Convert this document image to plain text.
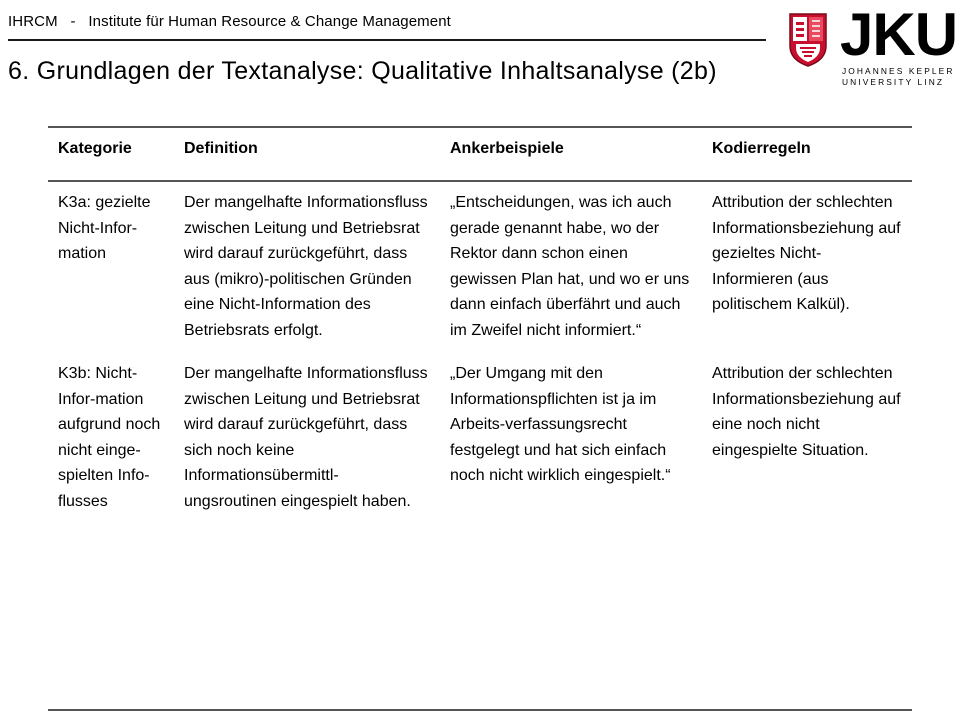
IHRCM - Institute für Human Resource & Change Management
6. Grundlagen der Textanalyse: Qualitative Inhaltsanalyse (2b)
JKU
JOHANNES KEPLER
UNIVERSITY LINZ
Kategorie	Definition	Ankerbeispiele	Kodierregeln
K3a: gezielte Nicht-Infor-mation	Der mangelhafte Informationsfluss zwischen Leitung und Betriebsrat wird darauf zurückgeführt, dass aus (mikro)-politischen Gründen eine Nicht-Information des Betriebsrats erfolgt.	„Entscheidungen, was ich auch gerade genannt habe, wo der Rektor dann schon einen gewissen Plan hat, und wo er uns dann einfach überfährt und auch im Zweifel nicht informiert.“	Attribution der schlechten Informationsbeziehung auf gezieltes Nicht-Informieren (aus politischem Kalkül).
K3b: Nicht-Infor-mation aufgrund noch nicht einge-spielten Info-flusses	Der mangelhafte Informationsfluss zwischen Leitung und Betriebsrat wird darauf zurückgeführt, dass sich noch keine Informationsübermittl-ungsroutinen eingespielt haben.	„Der Umgang mit den Informationspflichten ist ja im Arbeits-verfassungsrecht festgelegt und hat sich einfach noch nicht wirklich eingespielt.“	Attribution der schlechten Informationsbeziehung auf eine noch nicht eingespielte Situation.
